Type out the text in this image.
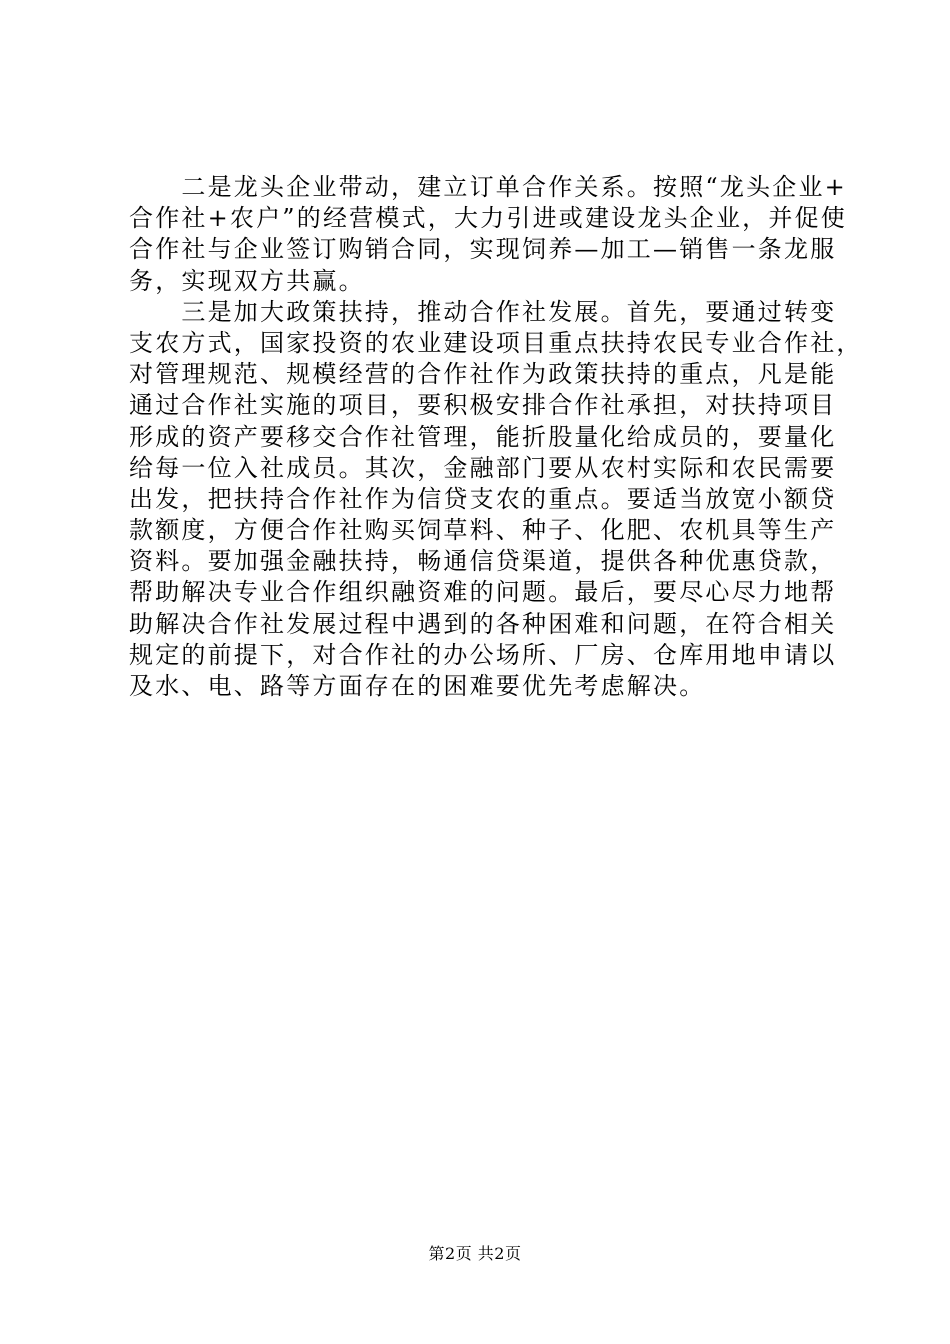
　　二是龙头企业带动，建立订单合作关系。按照“龙头企业+
合作社+农户”的经营模式，大力引进或建设龙头企业，并促使
合作社与企业签订购销合同，实现饲养—加工—销售一条龙服
务，实现双方共赢。
　　三是加大政策扶持，推动合作社发展。首先，要通过转变
支农方式，国家投资的农业建设项目重点扶持农民专业合作社，
对管理规范、规模经营的合作社作为政策扶持的重点，凡是能
通过合作社实施的项目，要积极安排合作社承担，对扶持项目
形成的资产要移交合作社管理，能折股量化给成员的，要量化
给每一位入社成员。其次，金融部门要从农村实际和农民需要
出发，把扶持合作社作为信贷支农的重点。要适当放宽小额贷
款额度，方便合作社购买饲草料、种子、化肥、农机具等生产
资料。要加强金融扶持，畅通信贷渠道，提供各种优惠贷款，
帮助解决专业合作组织融资难的问题。最后，要尽心尽力地帮
助解决合作社发展过程中遇到的各种困难和问题，在符合相关
规定的前提下，对合作社的办公场所、厂房、仓库用地申请以
及水、电、路等方面存在的困难要优先考虑解决。
第2页 共2页
